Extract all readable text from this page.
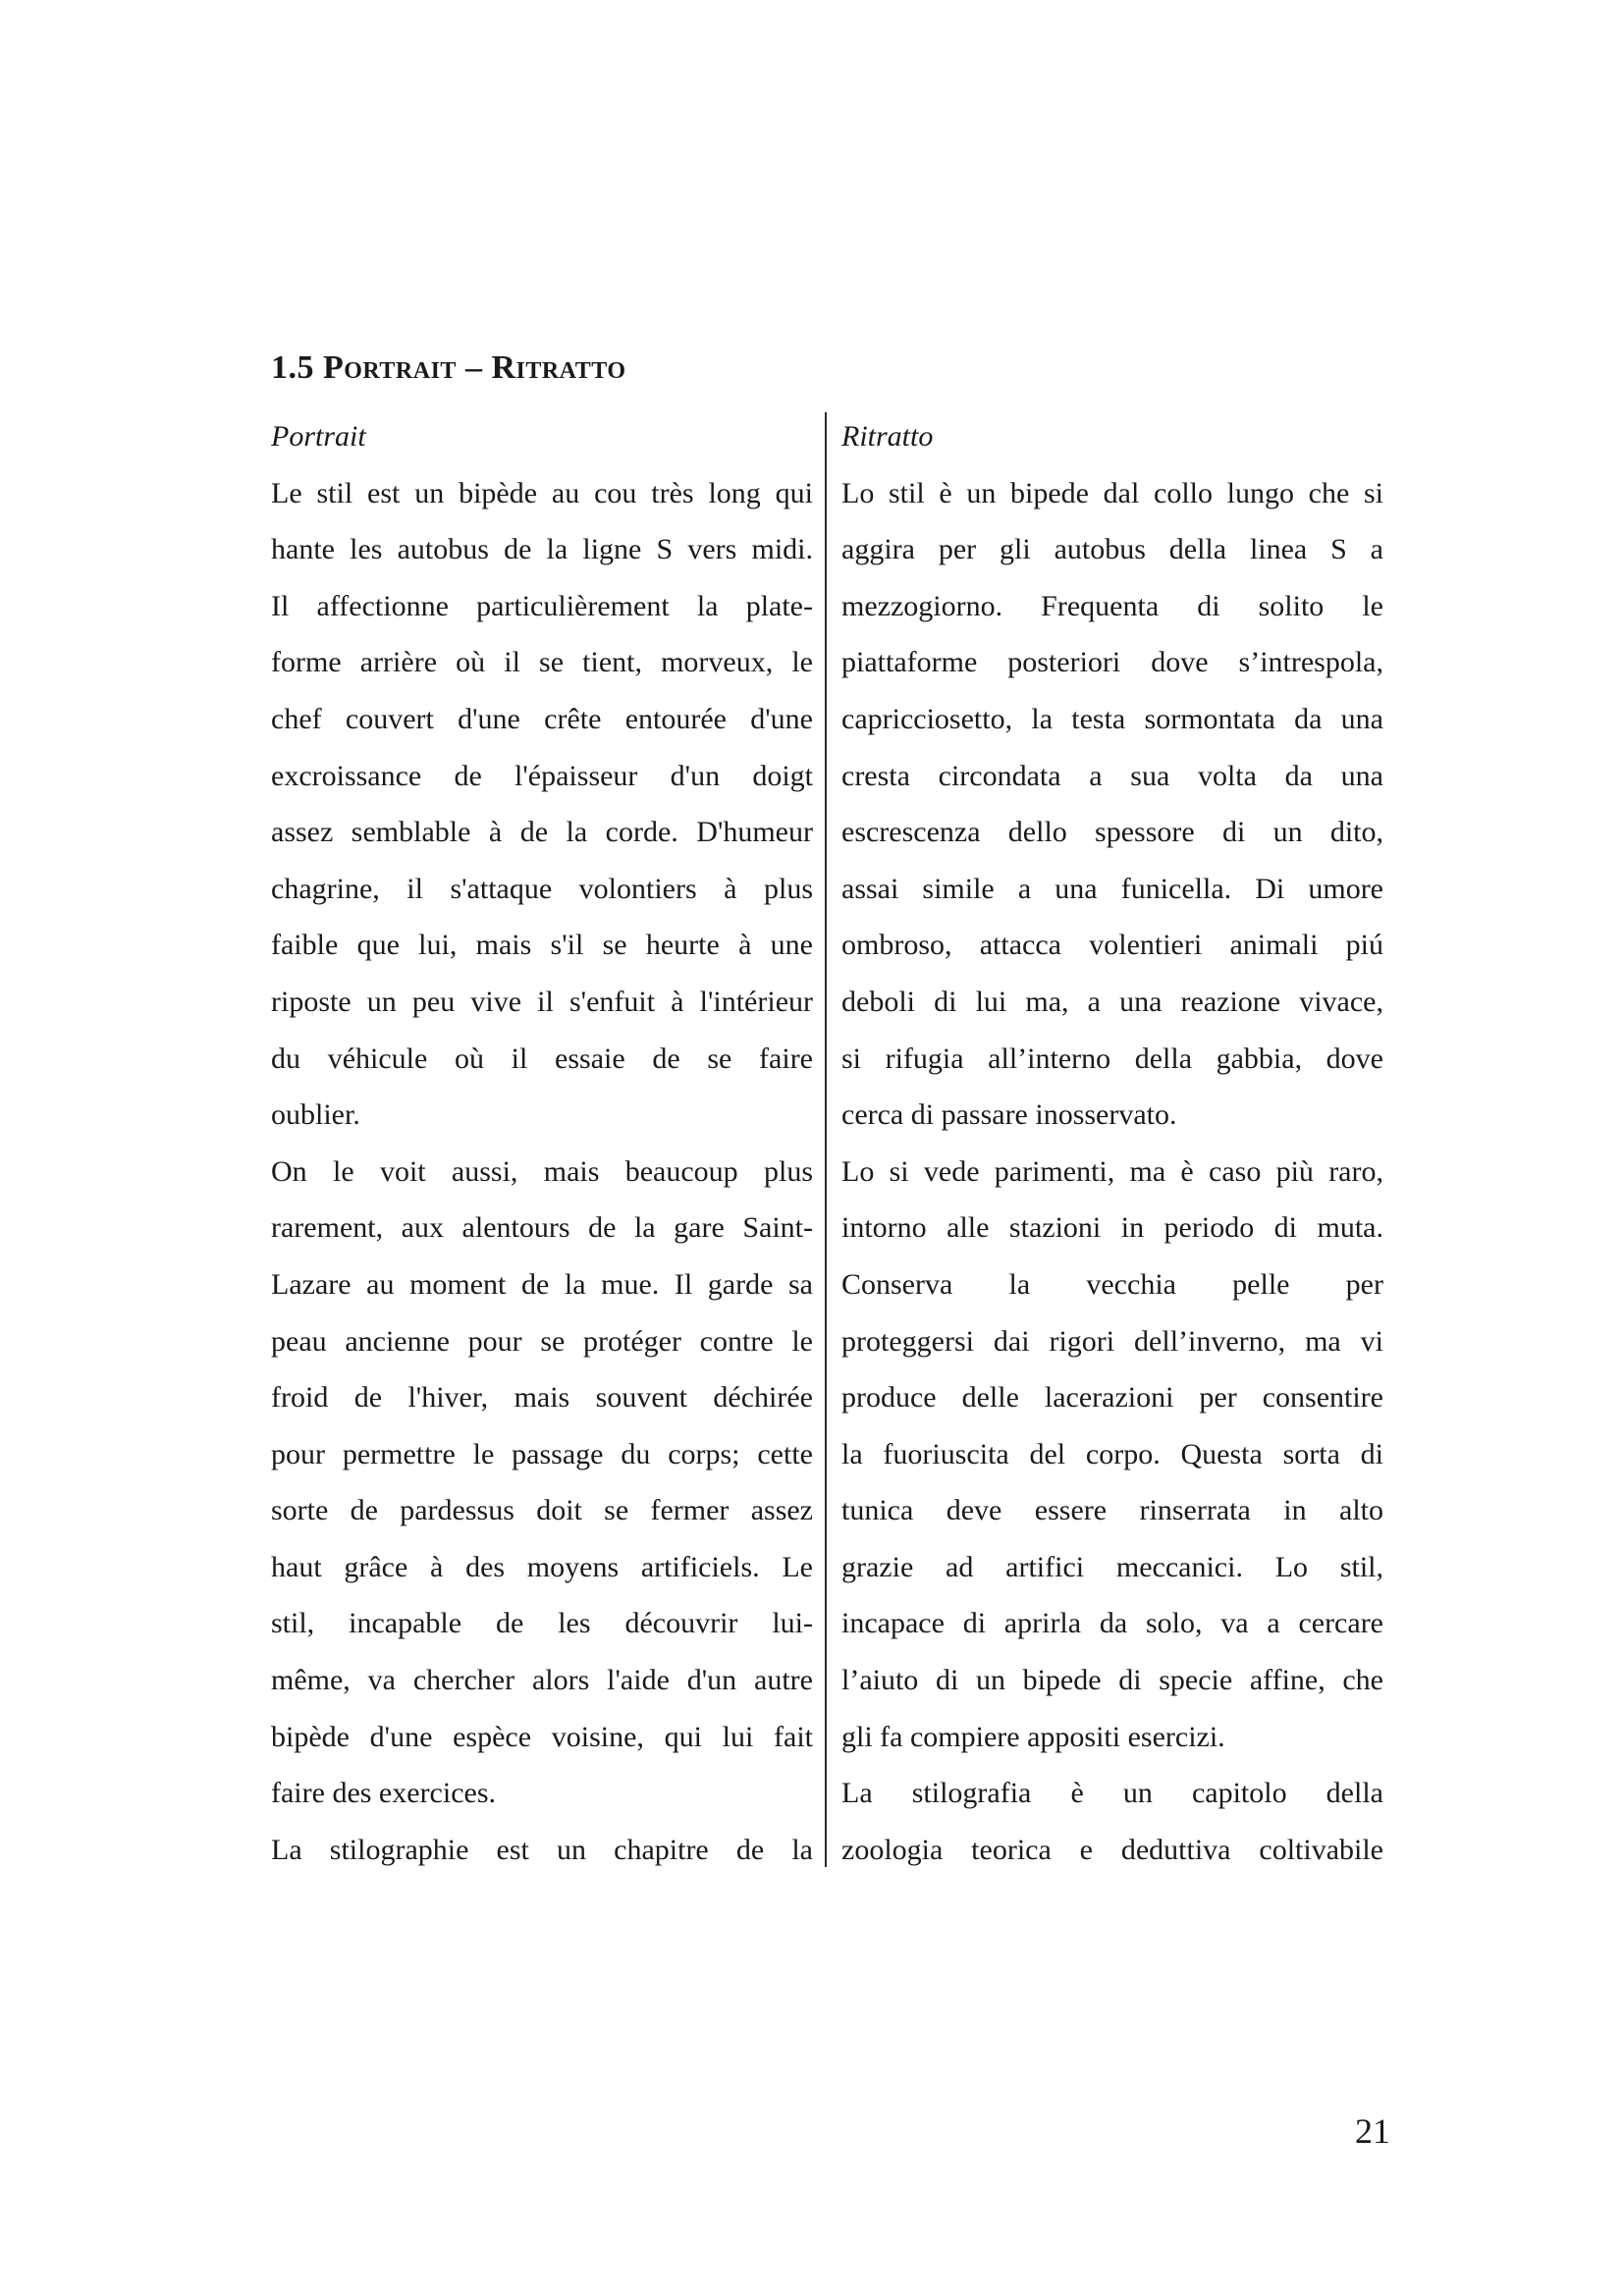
1.5 Portrait – Ritratto
Portrait
Le stil est un bipède au cou très long qui
hante les autobus de la ligne S vers midi.
Il affectionne particulièrement la plate-
forme arrière où il se tient, morveux, le
chef couvert d'une crête entourée d'une
excroissance de l'épaisseur d'un doigt
assez semblable à de la corde. D'humeur
chagrine, il s'attaque volontiers à plus
faible que lui, mais s'il se heurte à une
riposte un peu vive il s'enfuit à l'intérieur
du véhicule où il essaie de se faire
oublier.
On le voit aussi, mais beaucoup plus
rarement, aux alentours de la gare Saint-
Lazare au moment de la mue. Il garde sa
peau ancienne pour se protéger contre le
froid de l'hiver, mais souvent déchirée
pour permettre le passage du corps; cette
sorte de pardessus doit se fermer assez
haut grâce à des moyens artificiels. Le
stil, incapable de les découvrir lui-
même, va chercher alors l'aide d'un autre
bipède d'une espèce voisine, qui lui fait
faire des exercices.
La stilographie est un chapitre de la
Ritratto
Lo stil è un bipede dal collo lungo che si
aggira per gli autobus della linea S a
mezzogiorno. Frequenta di solito le
piattaforme posteriori dove s’intrespola,
capricciosetto, la testa sormontata da una
cresta circondata a sua volta da una
escrescenza dello spessore di un dito,
assai simile a una funicella. Di umore
ombroso, attacca volentieri animali piú
deboli di lui ma, a una reazione vivace,
si rifugia all’interno della gabbia, dove
cerca di passare inosservato.
Lo si vede parimenti, ma è caso più raro,
intorno alle stazioni in periodo di muta.
Conserva la vecchia pelle per
proteggersi dai rigori dell’inverno, ma vi
produce delle lacerazioni per consentire
la fuoriuscita del corpo. Questa sorta di
tunica deve essere rinserrata in alto
grazie ad artifici meccanici. Lo stil,
incapace di aprirla da solo, va a cercare
l’aiuto di un bipede di specie affine, che
gli fa compiere appositi esercizi.
La stilografia è un capitolo della
zoologia teorica e deduttiva coltivabile
21
